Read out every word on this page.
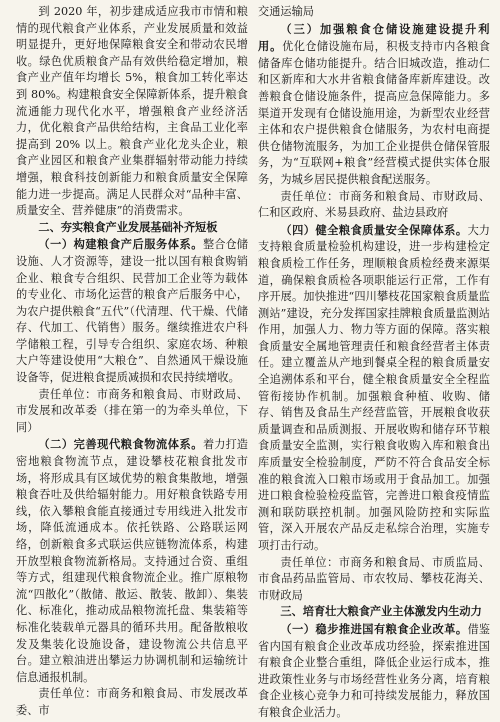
到 2020 年，初步建成适应我市市情和粮情的现代粮食产业体系，产业发展质量和效益明显提升，更好地保障粮食安全和带动农民增收。绿色优质粮食产品有效供给稳定增加，粮食产业产值年均增长 5%，粮食加工转化率达到 80%。构建粮食安全保障新体系，提升粮食流通能力现代化水平，增强粮食产业经济活力，优化粮食产品供给结构，主食品工业化率提高到 20% 以上。粮食产业化龙头企业，粮食产业园区和粮食产业集群辐射带动能力持续增强，粮食科技创新能力和粮食质量安全保障能力进一步提高。满足人民群众对“品种丰富、质量安全、营养健康”的消费需求。

二、夯实粮食产业发展基础补齐短板

（一）构建粮食产后服务体系。整合仓储设施、人才资源等，建设一批以国有粮食购销企业、粮食专合组织、民营加工企业等为载体的专业化、市场化运营的粮食产后服务中心，为农户提供粮食“五代”（代清理、代干燥、代储存、代加工、代销售）服务。继续推进农户科学储粮工程，引导专合组织、家庭农场、种粮大户等建设使用“大粮仓”、自然通风干燥设施设备等，促进粮食提质减损和农民持续增收。

责任单位：市商务和粮食局、市财政局、市发展和改革委（排在第一的为牵头单位，下同）

（二）完善现代粮食物流体系。着力打造密地粮食物流节点，建设攀枝花粮食批发市场，将形成具有区域优势的粮食集散地，增强粮食吞吐及供给辐射能力。用好粮食铁路专用线，依入攀粮食能直接通过专用线进入批发市场，降低流通成本。依托铁路、公路联运网络，创新粮食多式联运供应链物流体系，构建开放型粮食物流新格局。支持通过合资、重组等方式，组建现代粮食物流企业。推广原粮物流“四散化”（散储、散运、散装、散卸）、集装化、标准化，推动成品粮物流托盘、集装箱等标准化装载单元器具的循环共用。配备散粮收发及集装化设施设备，建设物流公共信息平台。建立粮油进出攀运力协调机制和运输统计信息通报机制。

责任单位：市商务和粮食局、市发展改革委、市

交通运输局

（三）加强粮食仓储设施建设提升利用。优化仓储设施布局，积极支持市内各粮食储备库仓储功能提升。结合旧城改造，推动仁和区新库和大水井省粮食储备库新库建设。改善粮食仓储设施条件，提高应急保障能力。多渠道开发现有仓储设施用途，为新型农业经营主体和农户提供粮食仓储服务，为农村电商提供仓储物流服务，为加工企业提供仓储保管服务，为“互联网+粮食”经营模式提供实体仓服务，为城乡居民提供粮食配送服务。

责任单位：市商务和粮食局、市财政局、仁和区政府、米易县政府、盐边县政府

（四）健全粮食质量安全保障体系。大力支持粮食质量检验机构建设，进一步构建检定粮食质检工作任务，理顺粮食质检经费来源渠道，确保粮食质检各项职能运行正常，工作有序开展。加快推进“四川攀枝花国家粮食质量监测站”建设，充分发挥国家挂牌粮食质量监测站作用，加强人力、物力等方面的保障。落实粮食质量安全属地管理责任和粮食经营者主体责任。建立覆盖从产地到餐桌全程的粮食质量安全追溯体系和平台，健全粮食质量安全全程监管衔接协作机制。加强粮食种植、收购、储存、销售及食品生产经营监管，开展粮食收获质量调查和品质测报、开展收购和储存环节粮食质量安全监测，实行粮食收购入库和粮食出库质量安全检验制度，严防不符合食品安全标准的粮食流入口粮市场或用于食品加工。加强进口粮食检验检疫监管，完善进口粮食疫情监测和联防联控机制。加强风险防控和实际监管，深入开展农产品反走私综合治理，实施专项打击行动。

责任单位：市商务和粮食局、市质监局、市食品药品监管局、市农牧局、攀枝花海关、市财政局

三、培育壮大粮食产业主体激发内生动力

（一）稳步推进国有粮食企业改革。借鉴省内国有粮食企业改革成功经验，探索推进国有粮食企业整合重组，降低企业运行成本，推进政策性业务与市场经营性业务分离，培育粮食企业核心竞争力和可持续发展能力，释放国有粮食企业活力。
